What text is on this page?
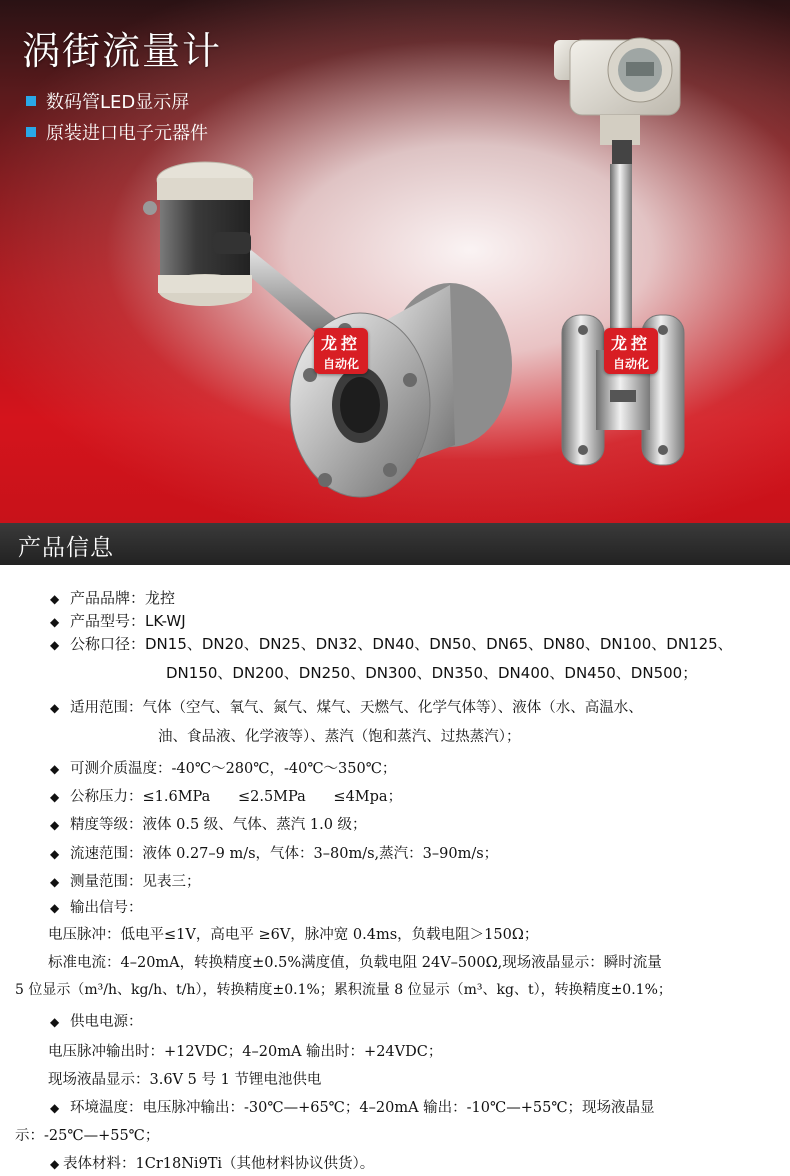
涡街流量计
数码管LED显示屏
原装进口电子元器件
龙控
自动化
龙控
自动化
产品信息
◆ 产品品牌：龙控
◆ 产品型号：LK-WJ
◆ 公称口径：DN15、DN20、DN25、DN32、DN40、DN50、DN65、DN80、DN100、DN125、
DN150、DN200、DN250、DN300、DN350、DN400、DN450、DN500；
◆ 适用范围：气体（空气、氧气、氮气、煤气、天燃气、化学气体等）、液体（水、高温水、
油、食品液、化学液等）、蒸汽（饱和蒸汽、过热蒸汽）；
◆ 可测介质温度：-40℃～280℃，-40℃～350℃；
◆ 公称压力：≤1.6MPa      ≤2.5MPa      ≤4Mpa；
◆ 精度等级：液体 0.5 级、气体、蒸汽 1.0 级；
◆ 流速范围：液体 0.27–9 m/s，气体：3–80m/s,蒸汽：3–90m/s；
◆ 测量范围：见表三；
◆ 输出信号：
电压脉冲：低电平≤1V，高电平 ≥6V，脉冲宽 0.4ms，负载电阻＞150Ω；
标准电流：4–20mA，转换精度±0.5%满度值，负载电阻 24V–500Ω,现场液晶显示：瞬时流量
5 位显示（m³/h、kg/h、t/h），转换精度±0.1%；累积流量 8 位显示（m³、kg、t），转换精度±0.1%；
◆ 供电电源：
电压脉冲输出时：+12VDC；4–20mA 输出时：+24VDC；
现场液晶显示：3.6V 5 号 1 节锂电池供电
◆ 环境温度：电压脉冲输出：-30℃—+65℃；4–20mA 输出：-10℃—+55℃；现场液晶显
示：-25℃—+55℃；
◆ 表体材料：1Cr18Ni9Ti（其他材料协议供货）。
